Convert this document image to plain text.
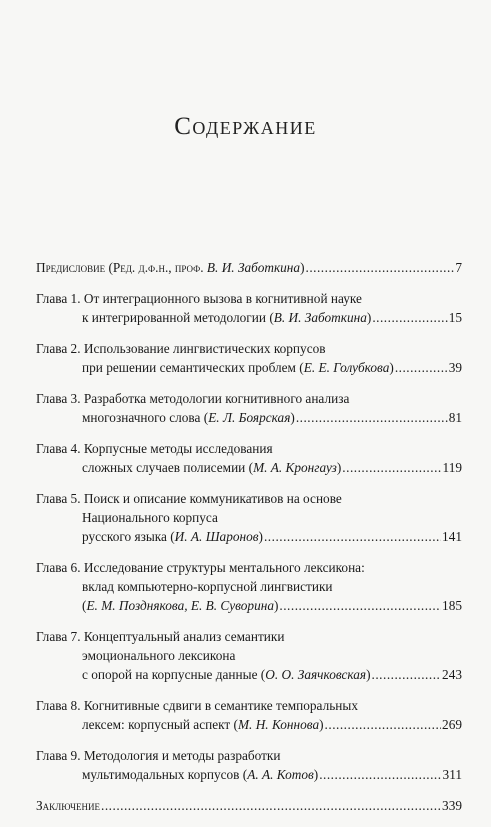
Содержание
Предисловие (Ред. д.ф.н., проф. В. И. Заботкина) .....	7
Глава 1. От интеграционного вызова в когнитивной науке
к интегрированной методологии (В. И. Заботкина) .....	15
Глава 2. Использование лингвистических корпусов
при решении семантических проблем (Е. Е. Голубкова) .....	39
Глава 3. Разработка методологии когнитивного анализа
многозначного слова (Е. Л. Боярская) .....	81
Глава 4. Корпусные методы исследования
сложных случаев полисемии (М. А. Кронгауз) .....	119
Глава 5. Поиск и описание коммуникативов на основе
Национального корпуса
русского языка (И. А. Шаронов) .....	141
Глава 6. Исследование структуры ментального лексикона:
вклад компьютерно-корпусной лингвистики
(Е. М. Позднякова, Е. В. Суворина) .....	185
Глава 7. Концептуальный анализ семантики
эмоционального лексикона
с опорой на корпусные данные (О. О. Заячковская) .....	243
Глава 8. Когнитивные сдвиги в семантике темпоральных
лексем: корпусный аспект (М. Н. Коннова) .....	269
Глава 9. Методология и методы разработки
мультимодальных корпусов (А. А. Котов) .....	311
Заключение .....	339
